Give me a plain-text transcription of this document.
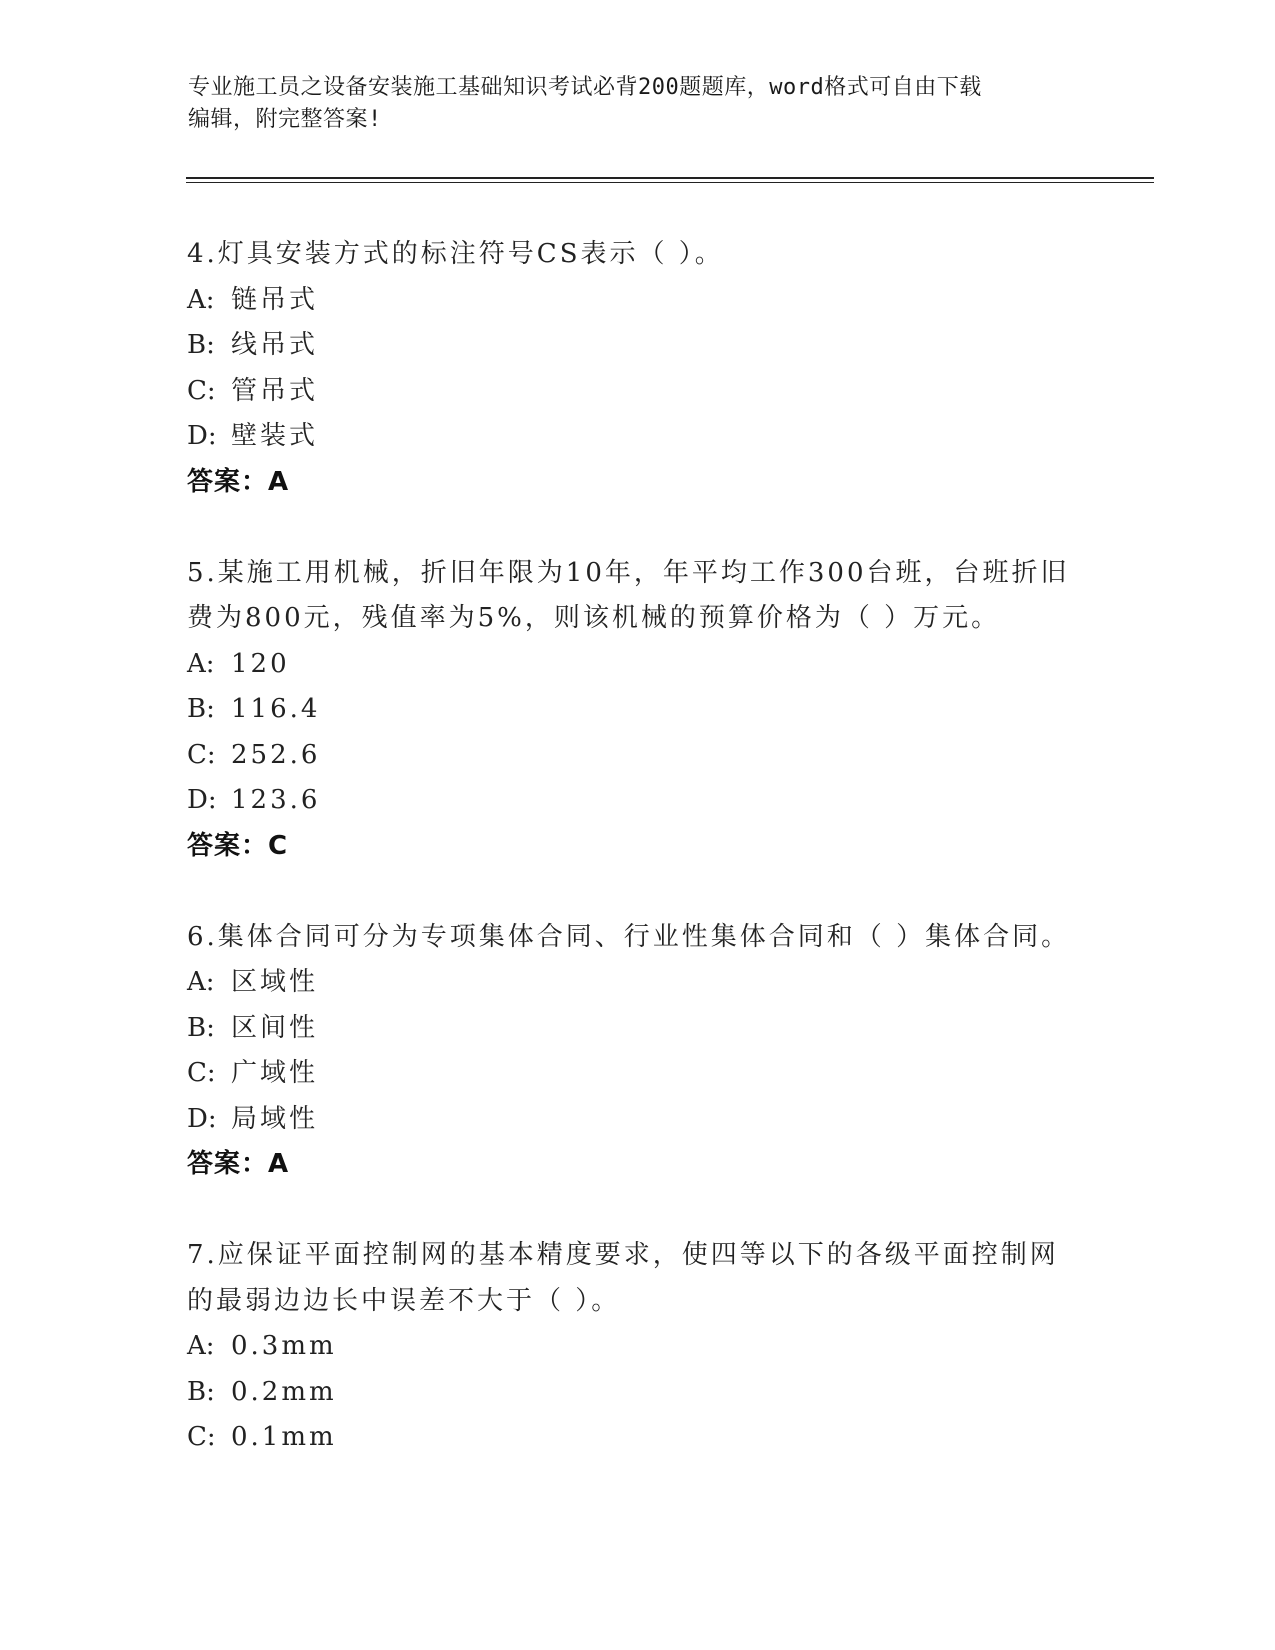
专业施工员之设备安装施工基础知识考试必背200题题库，word格式可自由下载
编辑，附完整答案!
4.灯具安装方式的标注符号CS表示（ ）。
A: 链吊式
B: 线吊式
C: 管吊式
D: 壁装式
答案：A
5.某施工用机械，折旧年限为10年，年平均工作300台班，台班折旧
费为800元，残值率为5%，则该机械的预算价格为（ ）万元。
A: 120
B: 116.4
C: 252.6
D: 123.6
答案：C
6.集体合同可分为专项集体合同、行业性集体合同和（ ）集体合同。
A: 区域性
B: 区间性
C: 广域性
D: 局域性
答案：A
7.应保证平面控制网的基本精度要求，使四等以下的各级平面控制网
的最弱边边长中误差不大于（ ）。
A: 0.3mm
B: 0.2mm
C: 0.1mm
